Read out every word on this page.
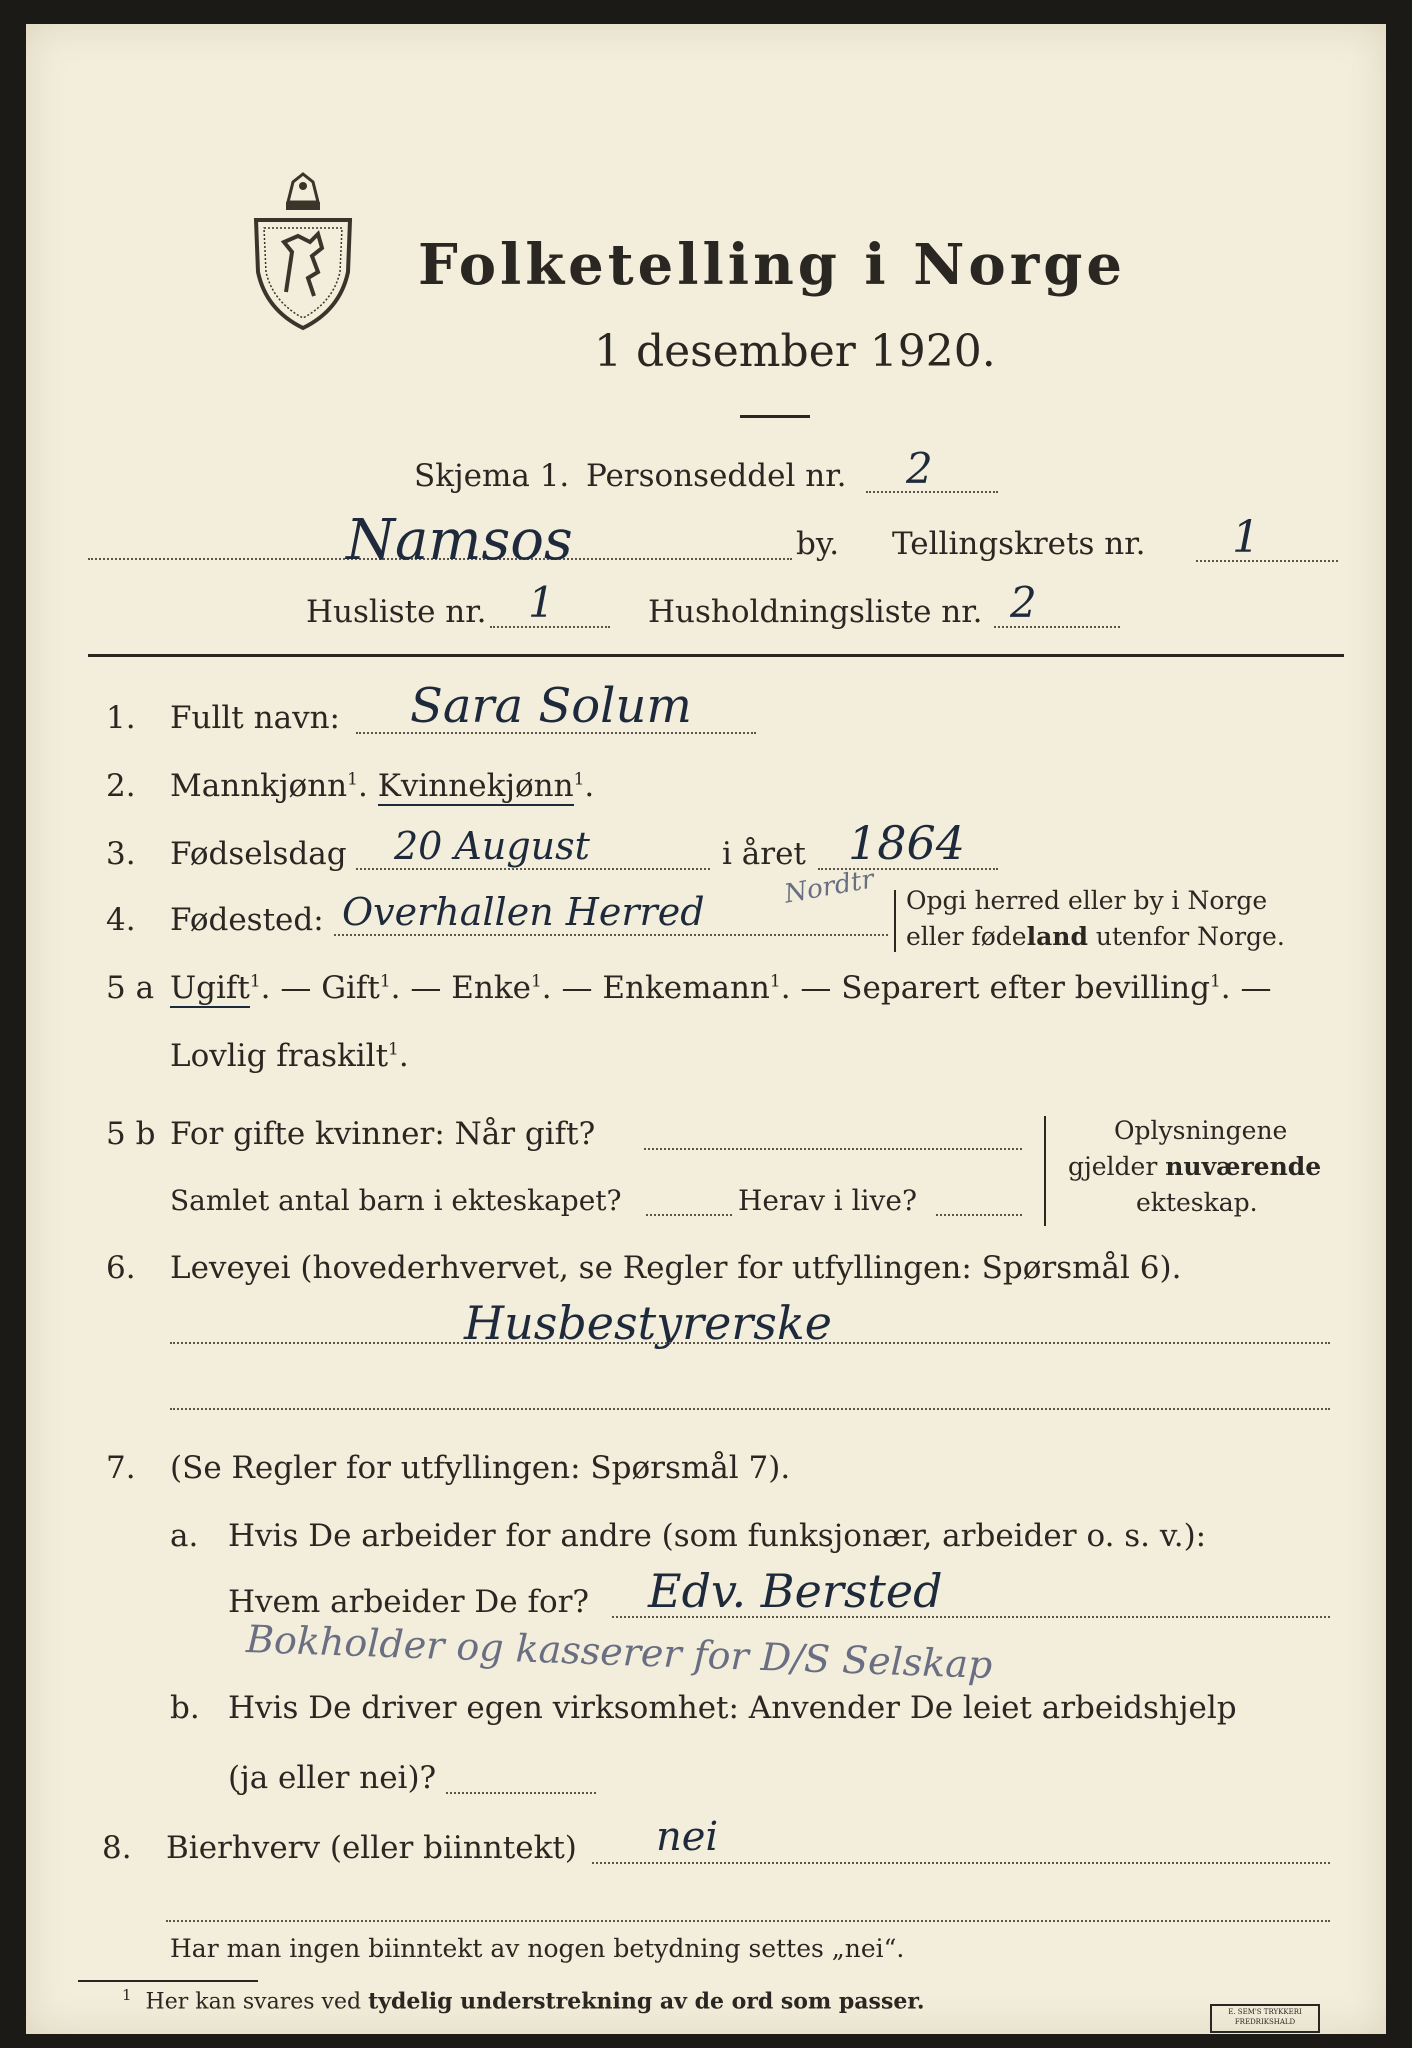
Folketelling i Norge
1 desember 1920.
Skjema 1. Personseddel nr. 2
Namsos	by. Tellingskrets nr. 1
Husliste nr. 1	Husholdningsliste nr. 2
1. Fullt navn: Sara Solum
2. Mannkjønn$^1$. Kvinnekjønn$^1$.
3. Fødselsdag 20 August	i året 1864
4. Fødested: Overhallen Herred
Nordtr Opgi herred eller by i Norge
eller fødeland utenfor Norge.
5 a Ugift$^1$. — Gift$^1$. — Enke$^1$. — Enkemann$^1$. — Separert efter bevilling$^1$. —
Lovlig fraskilt$^1$.
5 b For gifte kvinner: Når gift?
Samlet antal barn i ekteskapet?	Herav i live?
Oplysningene
gjelder nuværende
ekteskap.
6. Leveyei (hovederhvervet, se Regler for utfyllingen: Spørsmål 6).
Husbestyrerske
7. (Se Regler for utfyllingen: Spørsmål 7).
a. Hvis De arbeider for andre (som funksjonær, arbeider o. s. v.):
Hvem arbeider De for? Edv. Bersted
Bokholder og kasserer for D/S Selskap
b. Hvis De driver egen virksomhet: Anvender De leiet arbeidshjelp
(ja eller nei)?
8. Bierhverv (eller biinntekt) nei
Har man ingen biinntekt av nogen betydning settes „nei“.
$^1$ Her kan svares ved tydelig understrekning av de ord som passer.	E. SEM'S TRYKKERI
FREDRIKSHALD
